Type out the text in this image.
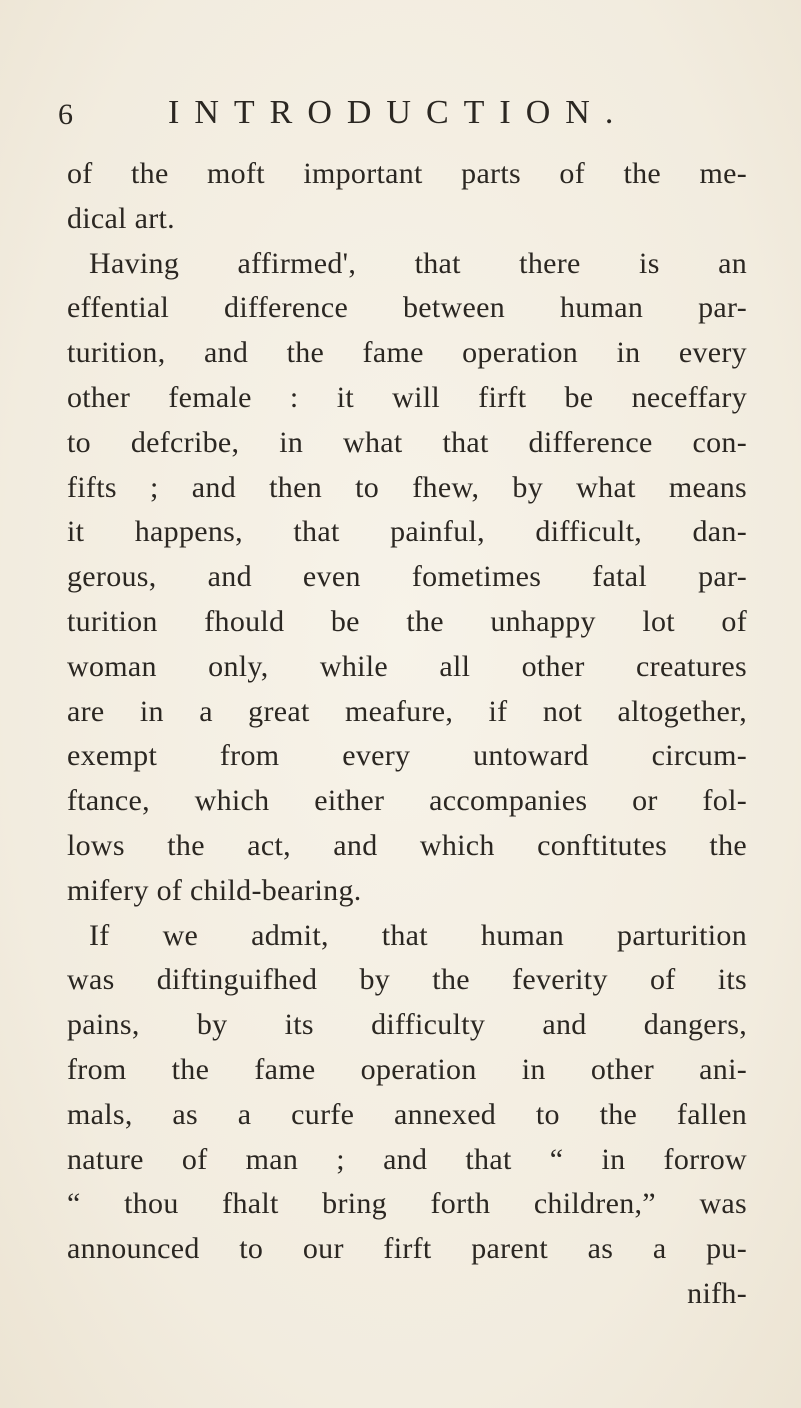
6	INTRODUCTION.
of the moft important parts of the me-
dical art.
Having affirmed', that there is an
effential difference between human par-
turition, and the fame operation in every
other female : it will firft be neceffary
to defcribe, in what that difference con-
fifts ; and then to fhew, by what means
it happens, that painful, difficult, dan-
gerous, and even fometimes fatal par-
turition fhould be the unhappy lot of
woman only, while all other creatures
are in a great meafure, if not altogether,
exempt from every untoward circum-
ftance, which either accompanies or fol-
lows the act, and which conftitutes the
mifery of child-bearing.
If we admit, that human parturition
was diftinguifhed by the feverity of its
pains, by its difficulty and dangers,
from the fame operation in other ani-
mals, as a curfe annexed to the fallen
nature of man ; and that “ in forrow
“ thou fhalt bring forth children,” was
announced to our firft parent as a pu-
nifh-
